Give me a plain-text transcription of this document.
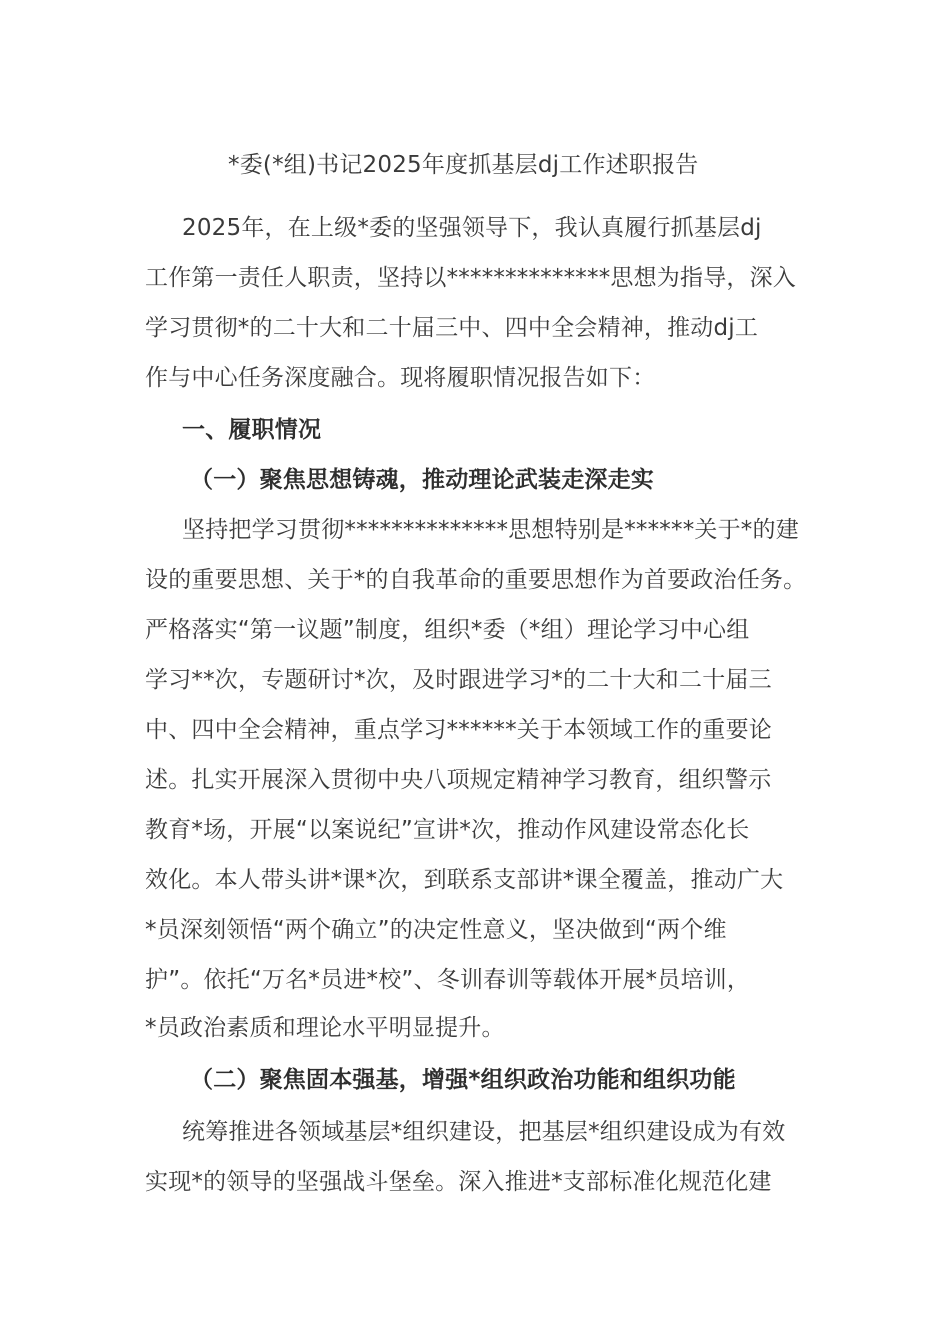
*委(*组)书记2025年度抓基层dj工作述职报告
2025年，在上级*委的坚强领导下，我认真履行抓基层dj
工作第一责任人职责，坚持以**************思想为指导，深入
学习贯彻*的二十大和二十届三中、四中全会精神，推动dj工
作与中心任务深度融合。现将履职情况报告如下：
一、履职情况
（一）聚焦思想铸魂，推动理论武装走深走实
坚持把学习贯彻**************思想特别是******关于*的建
设的重要思想、关于*的自我革命的重要思想作为首要政治任务。
严格落实“第一议题”制度，组织*委（*组）理论学习中心组
学习**次，专题研讨*次，及时跟进学习*的二十大和二十届三
中、四中全会精神，重点学习******关于本领域工作的重要论
述。扎实开展深入贯彻中央八项规定精神学习教育，组织警示
教育*场，开展“以案说纪”宣讲*次，推动作风建设常态化长
效化。本人带头讲*课*次，到联系支部讲*课全覆盖，推动广大
*员深刻领悟“两个确立”的决定性意义，坚决做到“两个维
护”。依托“万名*员进*校”、冬训春训等载体开展*员培训，
*员政治素质和理论水平明显提升。
（二）聚焦固本强基，增强*组织政治功能和组织功能
统筹推进各领域基层*组织建设，把基层*组织建设成为有效
实现*的领导的坚强战斗堡垒。深入推进*支部标准化规范化建
